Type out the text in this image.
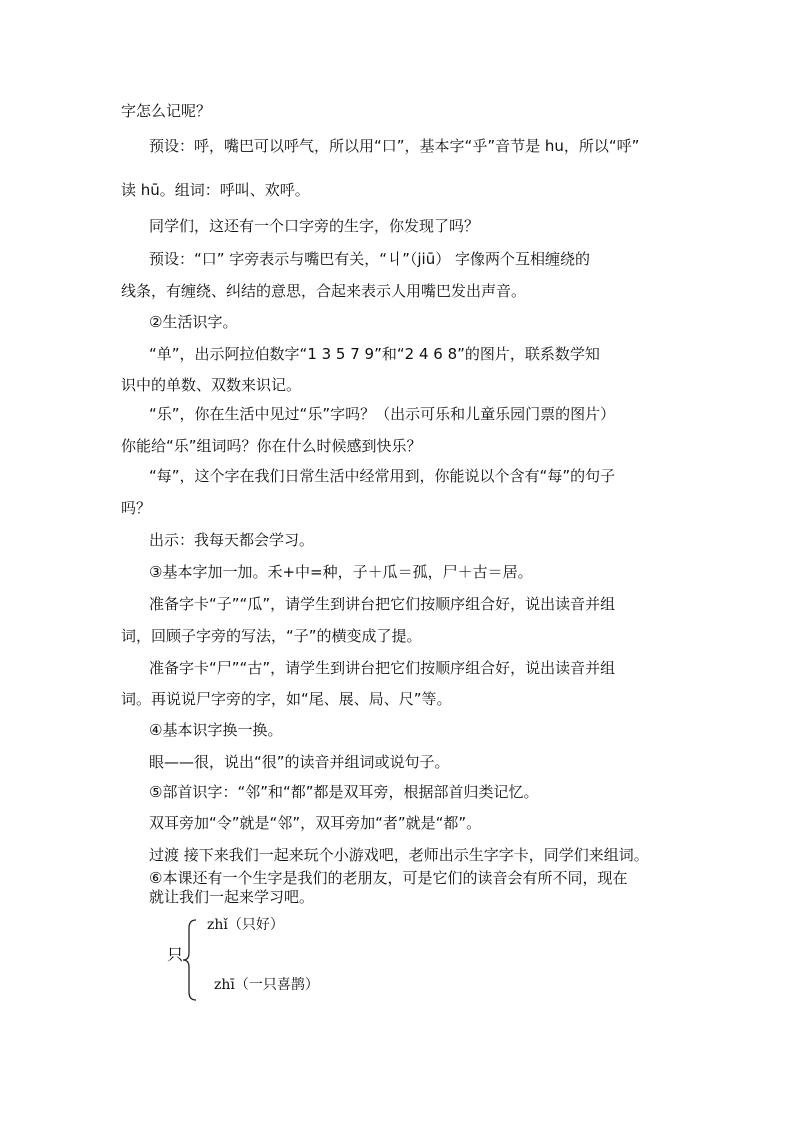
字怎么记呢？
预设：呼，嘴巴可以呼气，所以用“口”，基本字“乎”音节是 hu，所以“呼”
读 hū。组词：呼叫、欢呼。
同学们，这还有一个口字旁的生字，你发现了吗？
预设：“口” 字旁表示与嘴巴有关，“丩”（jiū） 字像两个互相缠绕的
线条，有缠绕、纠结的意思，合起来表示人用嘴巴发出声音。
②生活识字。
“单”，出示阿拉伯数字“1 3 5 7 9”和“2 4 6 8”的图片，联系数学知
识中的单数、双数来识记。
“乐”，你在生活中见过“乐”字吗？（出示可乐和儿童乐园门票的图片）
你能给“乐”组词吗？你在什么时候感到快乐？
“每”，这个字在我们日常生活中经常用到，你能说以个含有“每”的句子
吗？
出示：我每天都会学习。
③基本字加一加。禾+中=种，子＋瓜＝孤，尸＋古＝居。
准备字卡“子”“瓜”，请学生到讲台把它们按顺序组合好，说出读音并组
词，回顾子字旁的写法，“子”的横变成了提。
准备字卡“尸”“古”，请学生到讲台把它们按顺序组合好，说出读音并组
词。再说说尸字旁的字，如“尾、展、局、尺”等。
④基本识字换一换。
眼——很，说出“很”的读音并组词或说句子。
⑤部首识字：“邻”和“都”都是双耳旁，根据部首归类记忆。
双耳旁加“令”就是“邻”，双耳旁加“者”就是“都”。
过渡 接下来我们一起来玩个小游戏吧，老师出示生字字卡，同学们来组词。
⑥本课还有一个生字是我们的老朋友，可是它们的读音会有所不同，现在
就让我们一起来学习吧。
只
zhǐ（只好）
zhī（一只喜鹊）
